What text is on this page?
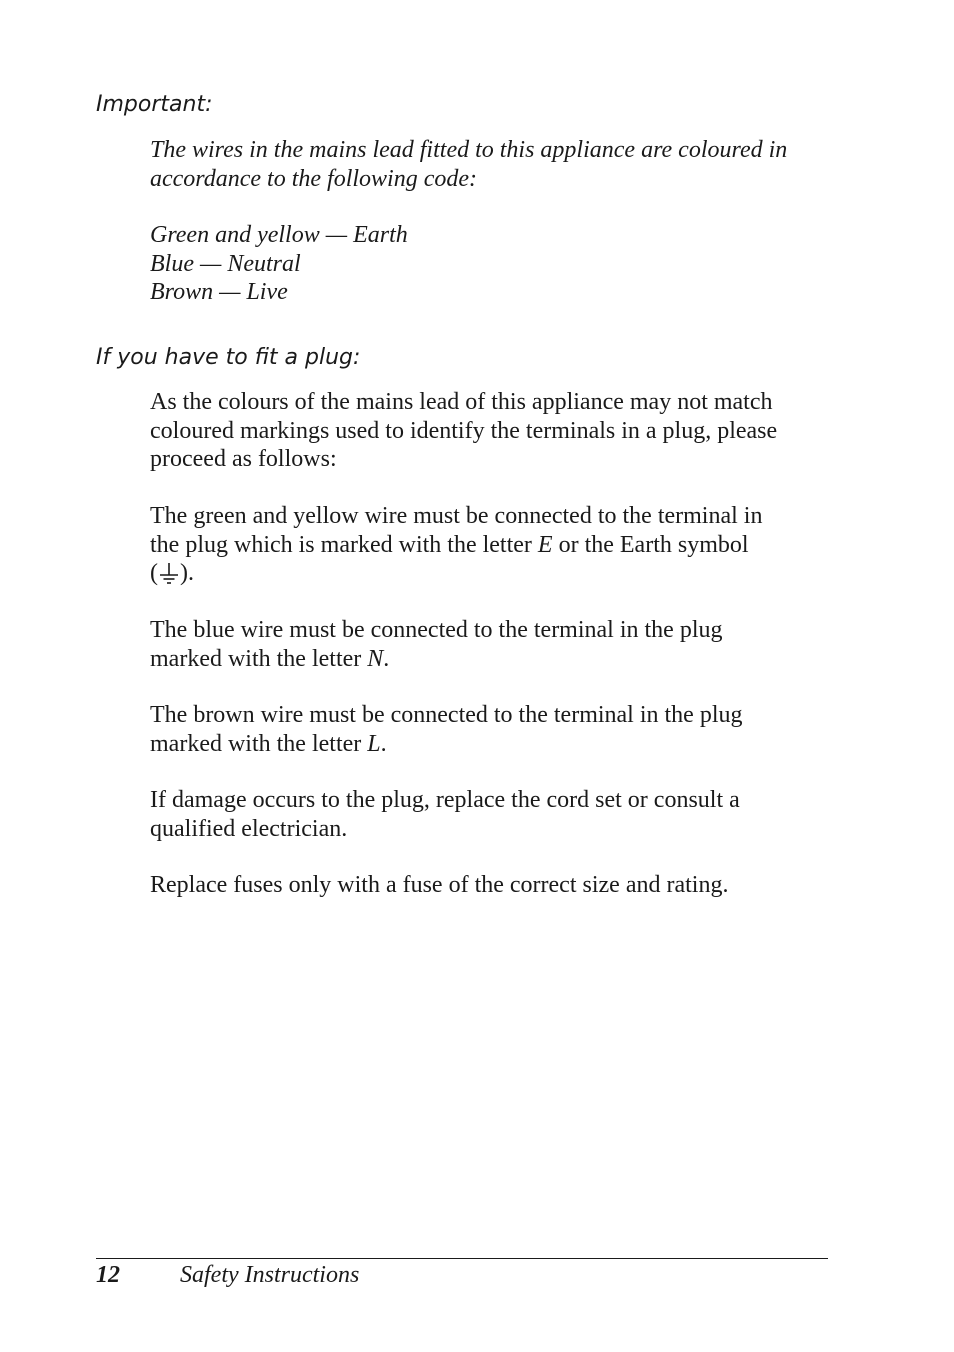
Important:
The wires in the mains lead fitted to this appliance are coloured in
accordance to the following code:
Green and yellow — Earth
Blue — Neutral
Brown — Live
If you have to fit a plug:
As the colours of the mains lead of this appliance may not match
coloured markings used to identify the terminals in a plug, please
proceed as follows:
The green and yellow wire must be connected to the terminal in
the plug which is marked with the letter E or the Earth symbol
( ).
The blue wire must be connected to the terminal in the plug
marked with the letter N.
The brown wire must be connected to the terminal in the plug
marked with the letter L.
If damage occurs to the plug, replace the cord set or consult a
qualified electrician.
Replace fuses only with a fuse of the correct size and rating.
12	Safety Instructions
